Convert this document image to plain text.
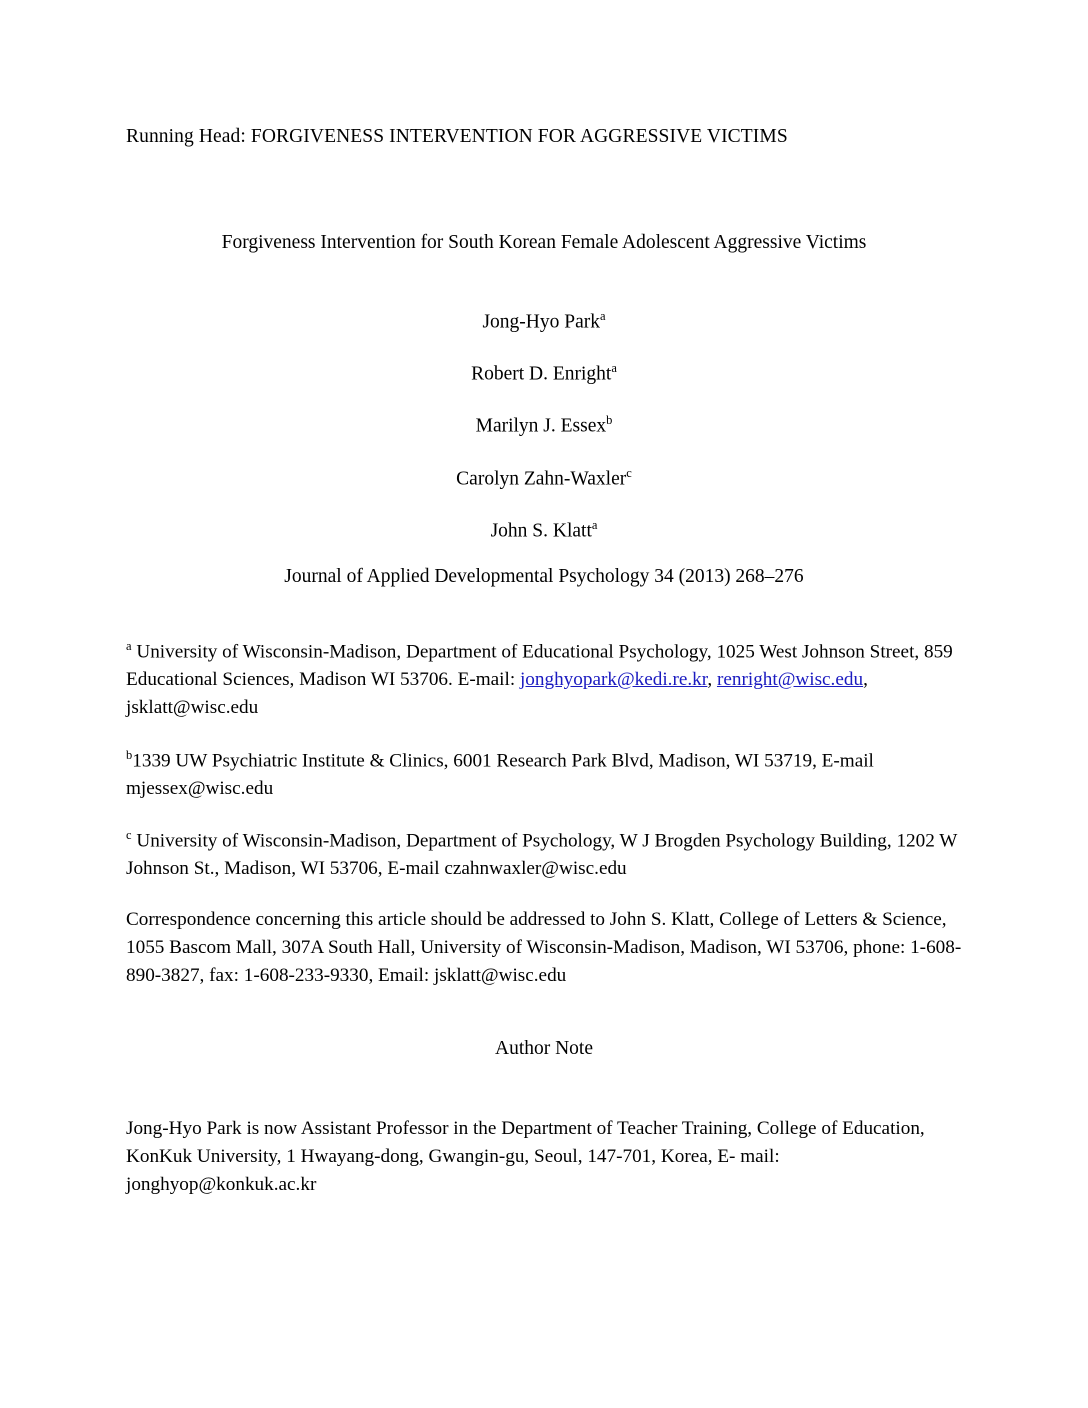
Running Head: FORGIVENESS INTERVENTION FOR AGGRESSIVE VICTIMS
Forgiveness Intervention for South Korean Female Adolescent Aggressive Victims
Jong-Hyo Park$^a$
Robert D. Enright$^a$
Marilyn J. Essex$^b$
Carolyn Zahn-Waxler$^c$
John S. Klatt$^a$
Journal of Applied Developmental Psychology 34 (2013) 268–276
$^a$ University of Wisconsin-Madison, Department of Educational Psychology, 1025 West Johnson Street, 859 Educational Sciences, Madison WI 53706. E-mail: jonghyopark@kedi.re.kr, renright@wisc.edu, jsklatt@wisc.edu
$^b$1339 UW Psychiatric Institute & Clinics, 6001 Research Park Blvd, Madison, WI 53719, E-mail mjessex@wisc.edu
$^c$ University of Wisconsin-Madison, Department of Psychology, W J Brogden Psychology Building, 1202 W Johnson St., Madison, WI 53706, E-mail czahnwaxler@wisc.edu
Correspondence concerning this article should be addressed to John S. Klatt, College of Letters & Science, 1055 Bascom Mall, 307A South Hall, University of Wisconsin-Madison, Madison, WI 53706, phone: 1-608-890-3827, fax: 1-608-233-9330, Email: jsklatt@wisc.edu
Author Note
Jong-Hyo Park is now Assistant Professor in the Department of Teacher Training, College of Education, KonKuk University, 1 Hwayang-dong, Gwangin-gu, Seoul, 147-701, Korea, E- mail: jonghyop@konkuk.ac.kr
